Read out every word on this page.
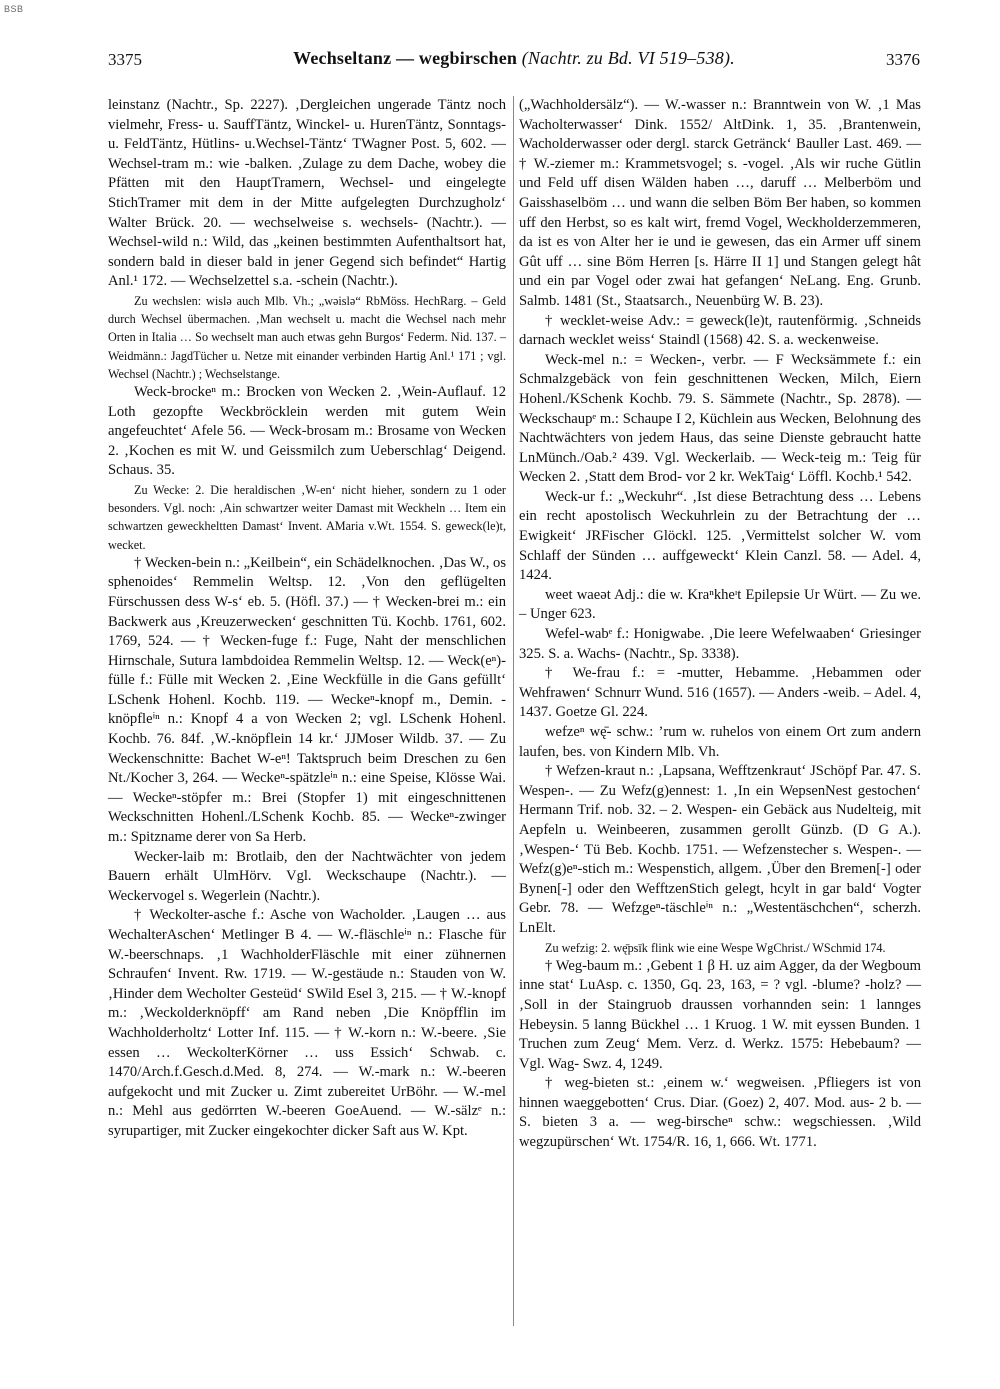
BSB
3375	Wechseltanz — wegbirschen (Nachtr. zu Bd. VI 519–538).	3376

leinstanz (Nachtr., Sp. 2227). ‚Dergleichen ungerade Täntz noch vielmehr, Fress- u. SauffTäntz, Winckel- u. HurenTäntz, Sonntags- u. FeldTäntz, Hütlins- u.Wechsel-Täntz‘ TWagner Post. 5, 602. — Wechsel-tram m.: wie -balken. ‚Zulage zu dem Dache, wobey die Pfätten mit den HauptTramern, Wechsel- und eingelegte StichTramer mit dem in der Mitte aufgelegten Durchzugholz‘ Walter Brück. 20. — wechselweise s. wechsels- (Nachtr.). — Wechsel-wild n.: Wild, das „keinen bestimmten Aufenthaltsort hat, sondern bald in dieser bald in jener Gegend sich befindet“ Hartig Anl.¹ 172. — Wechselzettel s.a. -schein (Nachtr.).

Zu wechslen: wislə auch Mlb. Vh.; „wəislə“ RbMöss. HechRarg. – Geld durch Wechsel übermachen. ‚Man wechselt u. macht die Wechsel nach mehr Orten in Italia … So wechselt man auch etwas gehn Burgos‘ Federm. Nid. 137. – Weidmänn.: JagdTücher u. Netze mit einander verbinden Hartig Anl.¹ 171 ; vgl. Wechsel (Nachtr.) ; Wechselstange.

Weck-brockeⁿ m.: Brocken von Wecken 2. ‚Wein-Auflauf. 12 Loth gezopfte Weckbröcklein werden mit gutem Wein angefeuchtet‘ Afele 56. — Weck-brosam m.: Brosame von Wecken 2. ‚Kochen es mit W. und Geissmilch zum Ueberschlag‘ Deigend. Schaus. 35.

Zu Wecke: 2. Die heraldischen ‚W-en‘ nicht hieher, sondern zu 1 oder besonders. Vgl. noch: ‚Ain schwartzer weiter Damast mit Weckheln … Item ein schwartzen geweckheltten Damast‘ Invent. AMaria v.Wt. 1554. S. geweck(le)t, wecket.

† Wecken-bein n.: „Keilbein“, ein Schädelknochen. ‚Das W., os sphenoides‘ Remmelin Weltsp. 12. ‚Von den geflügelten Fürschussen dess W-s‘ eb. 5. (Höfl. 37.) — † Wecken-brei m.: ein Backwerk aus ‚Kreuzerwecken‘ geschnitten Tü. Kochb. 1761, 602. 1769, 524. — † Wecken-fuge f.: Fuge, Naht der menschlichen Hirnschale, Sutura lambdoidea Remmelin Weltsp. 12. — Weck(eⁿ)-fülle f.: Fülle mit Wecken 2. ‚Eine Weckfülle in die Gans gefüllt‘ LSchenk Hohenl. Kochb. 119. — Weckeⁿ-knopf m., Demin. -knöpfleⁱⁿ n.: Knopf 4 a von Wecken 2; vgl. LSchenk Hohenl. Kochb. 76. 84f. ‚W.-knöpflein 14 kr.‘ JJMoser Wildb. 37. — Zu Weckenschnitte: Bachet W-eⁿ! Taktspruch beim Dreschen zu 6en Nt./Kocher 3, 264. — Weckeⁿ-spätzleⁱⁿ n.: eine Speise, Klösse Wai. — Weckeⁿ-stöpfer m.: Brei (Stopfer 1) mit eingeschnittenen Weckschnitten Hohenl./LSchenk Kochb. 85. — Weckeⁿ-zwinger m.: Spitzname derer von Sa Herb.

Wecker-laib m: Brotlaib, den der Nachtwächter von jedem Bauern erhält UlmHörv. Vgl. Weckschaupe (Nachtr.). — Weckervogel s. Wegerlein (Nachtr.).

† Weckolter-asche f.: Asche von Wacholder. ‚Laugen … aus WechalterAschen‘ Metlinger B 4. — W.-fläschleⁱⁿ n.: Flasche für W.-beerschnaps. ‚1 WachholderFläschle mit einer zühnernen Schraufen‘ Invent. Rw. 1719. — W.-gestäude n.: Stauden von W. ‚Hinder dem Wecholter Gesteüd‘ SWild Esel 3, 215. — † W.-knopf m.: ‚Weckolderknöpff‘ am Rand neben ‚Die Knöpfflin im Wachholderholtz‘ Lotter Inf. 115. — † W.-korn n.: W.-beere. ‚Sie essen … WeckolterKörner … uss Essich‘ Schwab. c. 1470/Arch.f.Gesch.d.Med. 8, 274. — W.-mark n.: W.-beeren aufgekocht und mit Zucker u. Zimt zubereitet UrBöhr. — W.-mel n.: Mehl aus gedörrten W.-beeren GoeAuend. — W.-sälzᵉ n.: syrupartiger, mit Zucker eingekochter dicker Saft aus W. Kpt.

(„Wachholdersälz“). — W.-wasser n.: Branntwein von W. ‚1 Mas Wacholterwasser‘ Dink. 1552/ AltDink. 1, 35. ‚Brantenwein, Wacholderwasser oder dergl. starck Getränck‘ Bauller Last. 469. — † W.-ziemer m.: Krammetsvogel; s. -vogel. ‚Als wir ruche Gütlin und Feld uff disen Wälden haben …, daruff … Melberböm und Gaisshaselböm … und wann die selben Böm Ber haben, so kommen uff den Herbst, so es kalt wirt, fremd Vogel, Weckholderzemmeren, da ist es von Alter her ie und ie gewesen, das ein Armer uff sinem Gût uff … sine Böm Herren [s. Härre II 1] und Stangen gelegt hât und ein par Vogel oder zwai hat gefangen‘ NeLang. Eng. Grunb. Salmb. 1481 (St., Staatsarch., Neuenbürg W. B. 23).

† wecklet-weise Adv.: = geweck(le)t, rautenförmig. ‚Schneids darnach wecklet weiss‘ Staindl (1568) 42. S. a. weckenweise.

Weck-mel n.: = Wecken-, verbr. — F Wecksämmete f.: ein Schmalzgebäck von fein geschnittenen Wecken, Milch, Eiern Hohenl./KSchenk Kochb. 79. S. Sämmete (Nachtr., Sp. 2878). — Weckschaupᵉ m.: Schaupe I 2, Küchlein aus Wecken, Belohnung des Nachtwächters von jedem Haus, das seine Dienste gebraucht hatte LnMünch./Oab.² 439. Vgl. Weckerlaib. — Weck-teig m.: Teig für Wecken 2. ‚Statt dem Brod- vor 2 kr. WekTaig‘ Löffl. Kochb.¹ 542.

Weck-ur f.: „Weckuhr“. ‚Ist diese Betrachtung dess … Lebens ein recht apostolisch Weckuhrlein zu der Betrachtung der … Ewigkeit‘ JRFischer Glöckl. 125. ‚Vermittelst solcher W. vom Schlaff der Sünden … auffgeweckt‘ Klein Canzl. 58. — Adel. 4, 1424.

weet waeət Adj.: die w. Kraⁿkheᶦt Epilepsie Ur Würt. — Zu we. – Unger 623.

Wefel-wabᵉ f.: Honigwabe. ‚Die leere Wefelwaaben‘ Griesinger 325. S. a. Wachs- (Nachtr., Sp. 3338).

† We-frau f.: = -mutter, Hebamme. ‚Hebammen oder Wehfrawen‘ Schnurr Wund. 516 (1657). — Anders -weib. – Adel. 4, 1437. Goetze Gl. 224.

wefzeⁿ wę̄- schw.: ’rum w. ruhelos von einem Ort zum andern laufen, bes. von Kindern Mlb. Vh.

† Wefzen-kraut n.: ‚Lapsana, Wefftzenkraut‘ JSchöpf Par. 47. S. Wespen-. — Zu Wefz(g)ennest: 1. ‚In ein WepsenNest gestochen‘ Hermann Trif. nob. 32. – 2. Wespen- ein Gebäck aus Nudelteig, mit Aepfeln u. Weinbeeren, zusammen gerollt Günzb. (D G A.). ‚Wespen-‘ Tü Beb. Kochb. 1751. — Wefzenstecher s. Wespen-. — Wefz(g)eⁿ-stich m.: Wespenstich, allgem. ‚Über den Bremen[-] oder Bynen[-] oder den WefftzenStich gelegt, hcylt in gar bald‘ Vogter Gebr. 78. — Wefzgeⁿ-täschleⁱⁿ n.: „Westentäschchen“, scherzh. LnElt.

Zu wefzig: 2. wę̄psīk flink wie eine Wespe WgChrist./ WSchmid 174.

† Weg-baum m.: ‚Gebent 1 β H. uz aim Agger, da der Wegboum inne stat‘ LuAsp. c. 1350, Gq. 23, 163, = ? vgl. -blume? -holz? — ‚Soll in der Staingruob draussen vorhannden sein: 1 lannges Hebeysin. 5 lanng Bückhel … 1 Kruog. 1 W. mit eyssen Bunden. 1 Truchen zum Zeug‘ Mem. Verz. d. Werkz. 1575: Hebebaum? — Vgl. Wag- Swz. 4, 1249.

† weg-bieten st.: ‚einem w.‘ wegweisen. ‚Pfliegers ist von hinnen waeggebotten‘ Crus. Diar. (Goez) 2, 407. Mod. aus- 2 b. — S. bieten 3 a. — weg-birscheⁿ schw.: wegschiessen. ‚Wild wegzupürschen‘ Wt. 1754/R. 16, 1, 666. Wt. 1771.
